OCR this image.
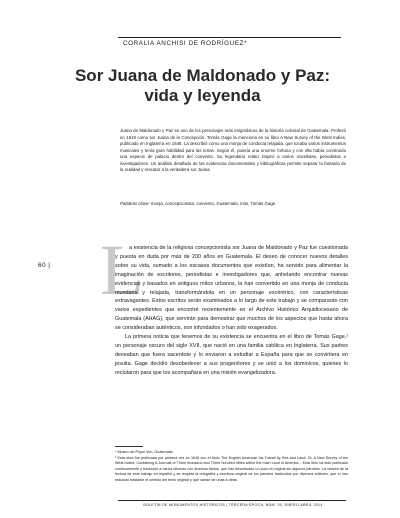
CORALIA ANCHISI DE RODRÍGUEZ*
Sor Juana de Maldonado y Paz:
vida y leyenda

Juana de Maldonado y Paz es uno de los personajes más enigmáticos de la historia colonial de Guatemala. Profesó en 1619 como sor Juana de la Concepción. Tomás Gage la menciona en su libro A New Survey of the West Indies, publicado en Inglaterra en 1648. La describió como una monja de conducta relajada, que tocaba varios instrumentos musicales y tenía gran habilidad para las letras. Según él, poseía una enorme fortuna y con ella había construido una especie de palacio dentro del convento. Su legendario relato inspiró a varios novelistas, periodistas e investigadores. Un análisis detallado de las evidencias documentales y bibliográficas permite separar la fantasía de la realidad y rescatar a la verdadera sor Juana.

Palabras clave: monja, concepcionista, convento, Guatemala, mito, Tomás Gage.

60 | L

a existencia de la religiosa concepcionista sor Juana de Maldonado y Paz fue cuestionada y puesta en duda por más de 200 años en Guatemala. El deseo de conocer nuevos detalles sobre su vida, sumado a los escasos documentos que existían, ha servido para alimentar la imaginación de escritores, periodistas e investigadores que, anhelando encontrar nuevas evidencias y basados en antiguos mitos urbanos, la han convertido en una monja de conducta mundana y relajada, transformándola en un personaje excéntrico, con características extravagantes. Estos escritos serán examinados a lo largo de este trabajo y se compararán con varios expedientes que encontré recientemente en el Archivo Histórico Arquidiocesano de Guatemala (AHAG), que servirán para demostrar que muchos de los aspectos que hasta ahora se consideraban auténticos, son infundados o han sido exagerados.

La primera noticia que tenemos de su existencia se encuentra en el libro de Tomás Gage,¹ un personaje oscuro del siglo XVII, que nació en una familia católica en Inglaterra. Sus padres deseaban que fuera sacerdote y lo enviaron a estudiar a España para que se convirtiera en jesuita. Gage decidió desobedecer a sus progenitores y se unió a los dominicos, quienes lo reclutaron para que los acompañara en una misión evangelizadora.

* Museo del Popol Vuh, Guatemala.

¹ Esta obra fue publicada por primera vez en 1648 con el título The English American his Travail by Sea and Land: Or, A New Survey of the West-Indies, Containing A Journall of Three thousand and Three hundred Miles within the main Land of America... Esta libro ha sido publicado continuamente y traducido a varios idiomas con diversos títulos, que han desvirtuado un poco el original sin algunos párrafos. La versión de la lectura de este trabajo en español y se respeta la ortografía y escritura original de los párrafos traducidos por diversos editores, que lo han reducido bastante el sentido del texto original y que varían de unas a otras.

BOLETÍN DE MONUMENTOS HISTÓRICOS | TERCERA ÉPOCA, NÚM. 30, ENERO-ABRIL 2014
